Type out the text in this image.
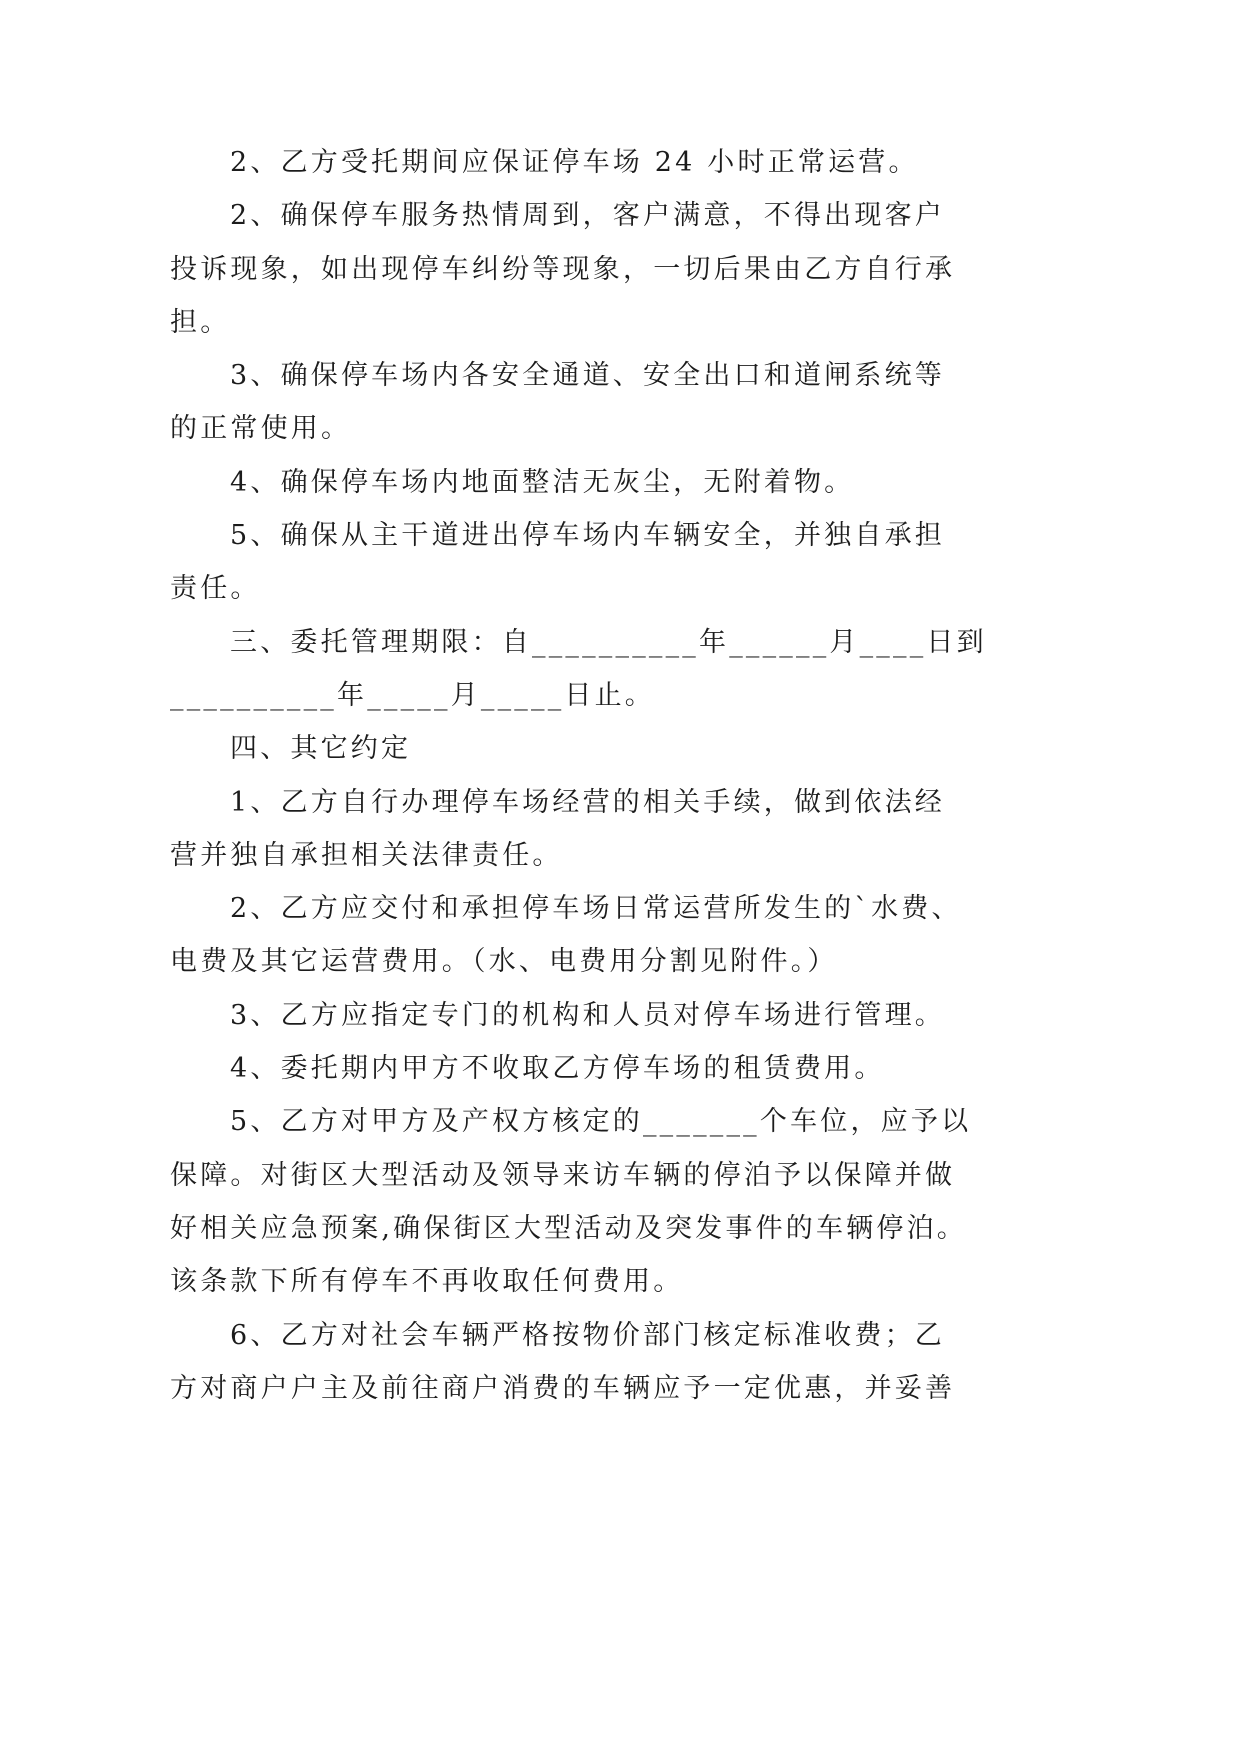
2、乙方受托期间应保证停车场 24 小时正常运营。

2、确保停车服务热情周到，客户满意，不得出现客户
投诉现象，如出现停车纠纷等现象，一切后果由乙方自行承
担。

3、确保停车场内各安全通道、安全出口和道闸系统等
的正常使用。

4、确保停车场内地面整洁无灰尘，无附着物。

5、确保从主干道进出停车场内车辆安全，并独自承担
责任。

三、委托管理期限：自__________年______月____日到
__________年_____月_____日止。

四、其它约定

1、乙方自行办理停车场经营的相关手续，做到依法经
营并独自承担相关法律责任。

2、乙方应交付和承担停车场日常运营所发生的`水费、
电费及其它运营费用。（水、电费用分割见附件。）

3、乙方应指定专门的机构和人员对停车场进行管理。

4、委托期内甲方不收取乙方停车场的租赁费用。

5、乙方对甲方及产权方核定的_______个车位，应予以
保障。对街区大型活动及领导来访车辆的停泊予以保障并做
好相关应急预案,确保街区大型活动及突发事件的车辆停泊。
该条款下所有停车不再收取任何费用。

6、乙方对社会车辆严格按物价部门核定标准收费；乙
方对商户户主及前往商户消费的车辆应予一定优惠，并妥善
